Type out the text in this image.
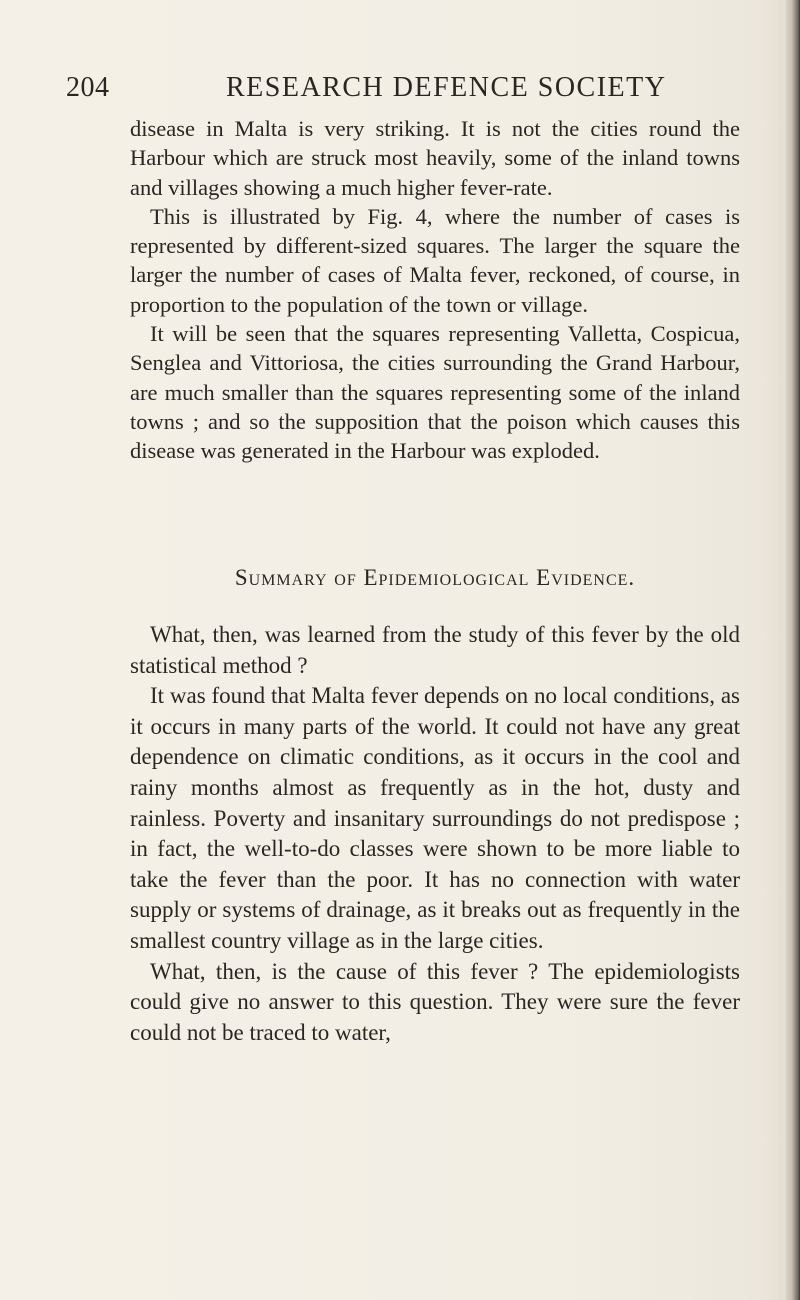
204	RESEARCH DEFENCE SOCIETY

disease in Malta is very striking. It is not the cities round the Harbour which are struck most heavily, some of the inland towns and villages showing a much higher fever-rate.

This is illustrated by Fig. 4, where the number of cases is represented by different-sized squares. The larger the square the larger the number of cases of Malta fever, reckoned, of course, in proportion to the population of the town or village.

It will be seen that the squares representing Valletta, Cospicua, Senglea and Vittoriosa, the cities surrounding the Grand Harbour, are much smaller than the squares representing some of the inland towns ; and so the supposition that the poison which causes this disease was generated in the Harbour was exploded.

Summary of Epidemiological Evidence.

What, then, was learned from the study of this fever by the old statistical method ?

It was found that Malta fever depends on no local conditions, as it occurs in many parts of the world. It could not have any great dependence on climatic conditions, as it occurs in the cool and rainy months almost as frequently as in the hot, dusty and rainless. Poverty and insanitary surroundings do not predispose ; in fact, the well-to-do classes were shown to be more liable to take the fever than the poor. It has no connection with water supply or systems of drainage, as it breaks out as frequently in the smallest country village as in the large cities.

What, then, is the cause of this fever ? The epidemiologists could give no answer to this question. They were sure the fever could not be traced to water,
